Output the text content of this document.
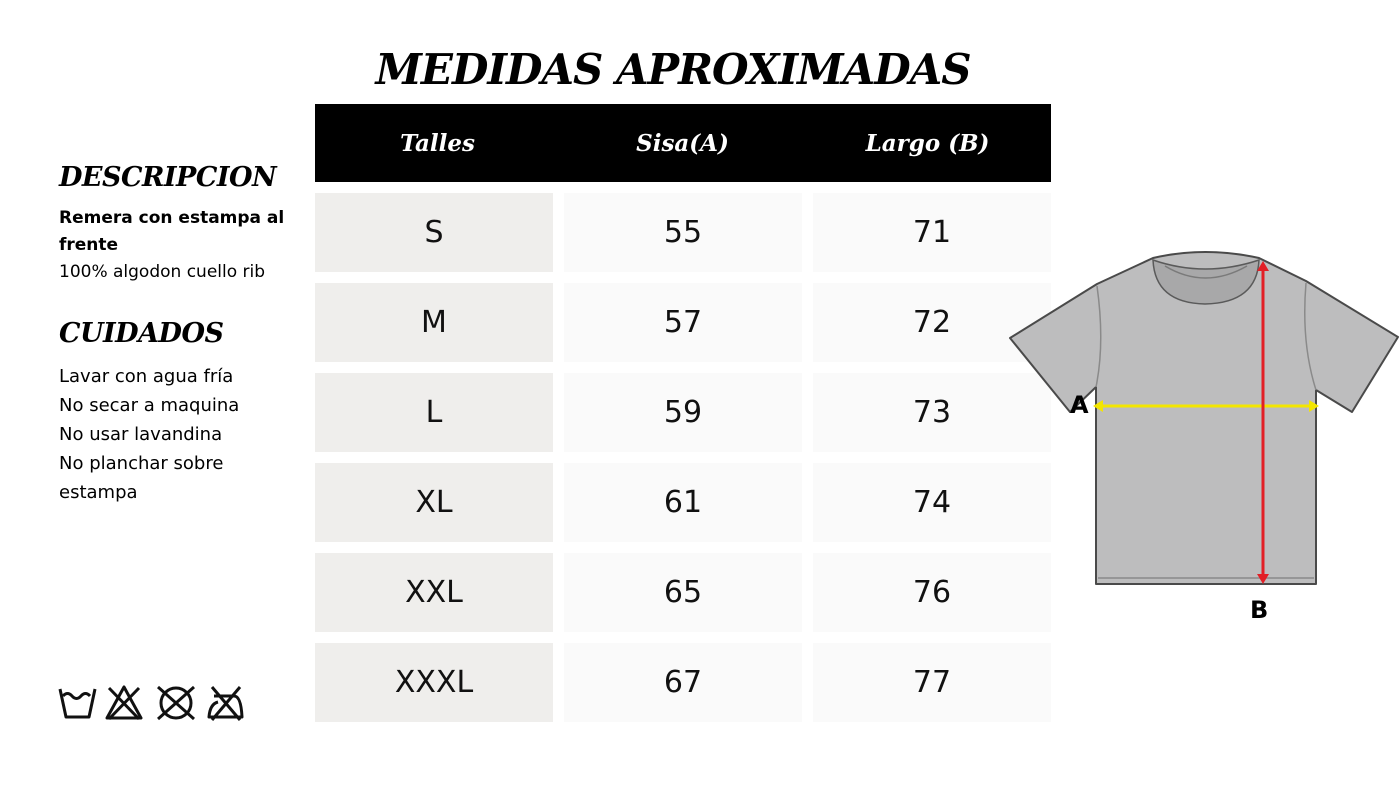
MEDIDAS APROXIMADAS
DESCRIPCION
Remera con estampa al frente
100% algodon cuello rib
CUIDADOS
Lavar con agua fría
No secar a maquina
No usar lavandina
No planchar sobre estampa
Talles	Sisa(A)	Largo (B)
S	55	71
M	57	72
L	59	73
XL	61	74
XXL	65	76
XXXL	67	77
A
B
